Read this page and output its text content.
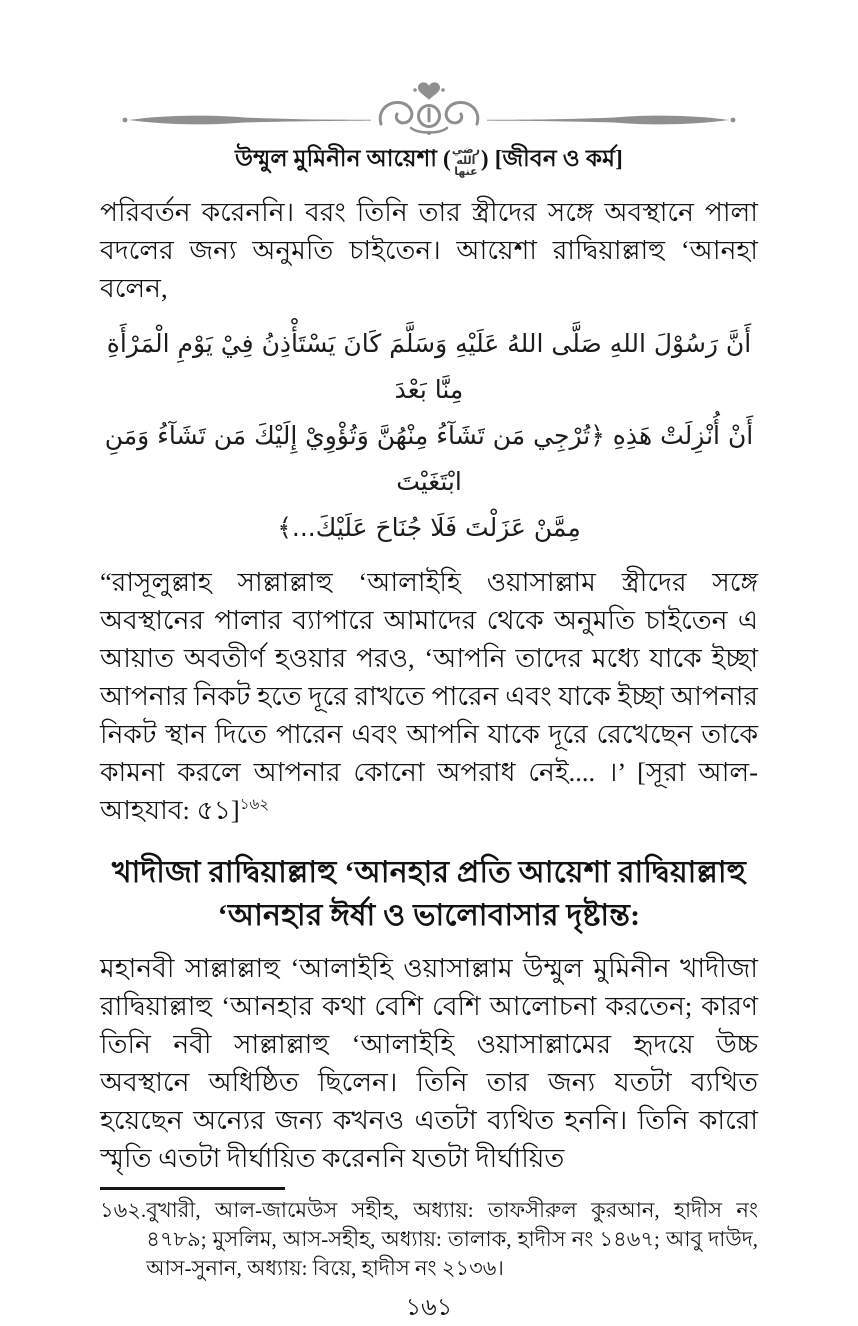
উম্মুল মুমিনীন আয়েশা (رضي الله عنها) [জীবন ও কর্ম]

পরিবর্তন করেননি। বরং তিনি তার স্ত্রীদের সঙ্গে অবস্থানে পালা বদলের জন্য অনুমতি চাইতেন। আয়েশা রাদ্বিয়াল্লাহু ‘আনহা বলেন,

أَنَّ رَسُوْلَ اللهِ صَلَّى اللهُ عَلَيْهِ وَسَلَّمَ كَانَ يَسْتَأْذِنُ فِيْ يَوْمِ الْمَرْأَةِ مِنَّا بَعْدَ
أَنْ أُنْزِلَتْ هَذِهِ ﴿تُرْجِي مَن تَشَآءُ مِنْهُنَّ وَتُؤْوِيْ إِلَيْكَ مَن تَشَآءُ وَمَنِ ابْتَغَيْتَ
مِمَّنْ عَزَلْتَ فَلَا جُنَاحَ عَلَيْكَ...﴾

“রাসূলুল্লাহ সাল্লাল্লাহু ‘আলাইহি ওয়াসাল্লাম স্ত্রীদের সঙ্গে অবস্থানের পালার ব্যাপারে আমাদের থেকে অনুমতি চাইতেন এ আয়াত অবতীর্ণ হওয়ার পরও, ‘আপনি তাদের মধ্যে যাকে ইচ্ছা আপনার নিকট হতে দূরে রাখতে পারেন এবং যাকে ইচ্ছা আপনার নিকট স্থান দিতে পারেন এবং আপনি যাকে দূরে রেখেছেন তাকে কামনা করলে আপনার কোনো অপরাধ নেই.... ।’ [সূরা আল-আহযাব: ৫১]$^{১৬২}$

খাদীজা রাদ্বিয়াল্লাহু ‘আনহার প্রতি আয়েশা রাদ্বিয়াল্লাহু ‘আনহার ঈর্ষা ও ভালোবাসার দৃষ্টান্ত:

মহানবী সাল্লাল্লাহু ‘আলাইহি ওয়াসাল্লাম উম্মুল মুমিনীন খাদীজা রাদ্বিয়াল্লাহু ‘আনহার কথা বেশি বেশি আলোচনা করতেন; কারণ তিনি নবী সাল্লাল্লাহু ‘আলাইহি ওয়াসাল্লামের হৃদয়ে উচ্চ অবস্থানে অধিষ্ঠিত ছিলেন। তিনি তার জন্য যতটা ব্যথিত হয়েছেন অন্যের জন্য কখনও এতটা ব্যথিত হননি। তিনি কারো স্মৃতি এতটা দীর্ঘায়িত করেননি যতটা দীর্ঘায়িত

১৬২. বুখারী, আল-জামেউস সহীহ, অধ্যায়: তাফসীরুল কুরআন, হাদীস নং ৪৭৮৯; মুসলিম, আস-সহীহ, অধ্যায়: তালাক, হাদীস নং ১৪৬৭; আবু দাউদ, আস-সুনান, অধ্যায়: বিয়ে, হাদীস নং ২১৩৬।
১৬১
